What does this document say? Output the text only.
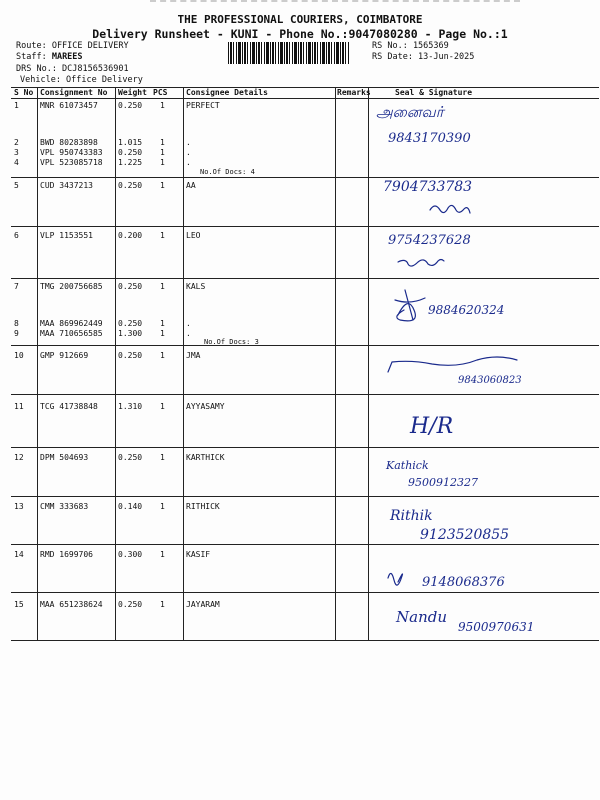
THE PROFESSIONAL COURIERS, COIMBATORE
Delivery Runsheet - KUNI - Phone No.:9047080280 - Page No.:1
Route: OFFICE DELIVERY
Staff: MAREES
DRS No.: DCJ8156536901
Vehicle: Office Delivery
RS No.: 1565369
RS Date: 13-Jun-2025
S No Consignment No Weight PCS Consignee Details	Remarks	Seal & Signature
1	MNR 61073457	0.250 1	PERFECT
2	BWD 80283898	1.015 1	.
3	VPL 950743383 0.250 1	.
4	VPL 523085718 1.225 1	.
5	CUD 3437213	0.250 1	AA
6	VLP 1153551	0.200 1	LEO
7	TMG 200756685 0.250 1	KALS
8	MAA 869962449 0.250 1	.
9	MAA 710656585 1.300 1	.
10 GMP 912669	0.250 1	JMA
11 TCG 41738848	1.310 1	AYYASAMY
12 DPM 504693	0.250 1	KARTHICK
13 CMM 333683	0.140 1	RITHICK
14 RMD 1699706	0.300 1	KASIF
15 MAA 651238624 0.250 1	JAYARAM
No.Of Docs: 4
No.Of Docs: 3
அனைவர்
9843170390
7904733783
9754237628
9884620324
9843060823
H/R
Kathick
9500912327
Rithik
9123520855
9148068376
Nandu
9500970631
